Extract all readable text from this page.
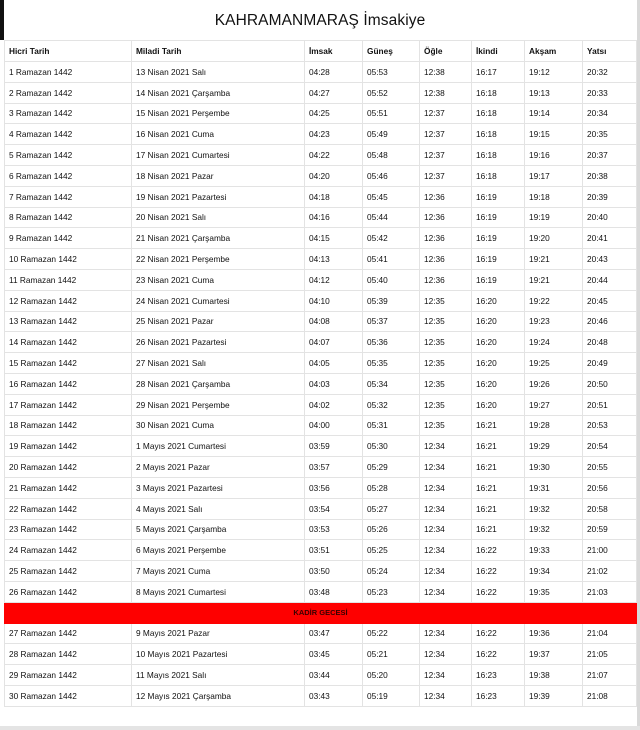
KAHRAMANMARAŞ İmsakiye
Hicri Tarih	Miladi Tarih	İmsak	Güneş	Öğle	İkindi	Akşam	Yatsı
1 Ramazan 1442	13 Nisan 2021 Salı	04:28	05:53	12:38	16:17	19:12	20:32
2 Ramazan 1442	14 Nisan 2021 Çarşamba	04:27	05:52	12:38	16:18	19:13	20:33
3 Ramazan 1442	15 Nisan 2021 Perşembe	04:25	05:51	12:37	16:18	19:14	20:34
4 Ramazan 1442	16 Nisan 2021 Cuma	04:23	05:49	12:37	16:18	19:15	20:35
5 Ramazan 1442	17 Nisan 2021 Cumartesi	04:22	05:48	12:37	16:18	19:16	20:37
6 Ramazan 1442	18 Nisan 2021 Pazar	04:20	05:46	12:37	16:18	19:17	20:38
7 Ramazan 1442	19 Nisan 2021 Pazartesi	04:18	05:45	12:36	16:19	19:18	20:39
8 Ramazan 1442	20 Nisan 2021 Salı	04:16	05:44	12:36	16:19	19:19	20:40
9 Ramazan 1442	21 Nisan 2021 Çarşamba	04:15	05:42	12:36	16:19	19:20	20:41
10 Ramazan 1442	22 Nisan 2021 Perşembe	04:13	05:41	12:36	16:19	19:21	20:43
11 Ramazan 1442	23 Nisan 2021 Cuma	04:12	05:40	12:36	16:19	19:21	20:44
12 Ramazan 1442	24 Nisan 2021 Cumartesi	04:10	05:39	12:35	16:20	19:22	20:45
13 Ramazan 1442	25 Nisan 2021 Pazar	04:08	05:37	12:35	16:20	19:23	20:46
14 Ramazan 1442	26 Nisan 2021 Pazartesi	04:07	05:36	12:35	16:20	19:24	20:48
15 Ramazan 1442	27 Nisan 2021 Salı	04:05	05:35	12:35	16:20	19:25	20:49
16 Ramazan 1442	28 Nisan 2021 Çarşamba	04:03	05:34	12:35	16:20	19:26	20:50
17 Ramazan 1442	29 Nisan 2021 Perşembe	04:02	05:32	12:35	16:20	19:27	20:51
18 Ramazan 1442	30 Nisan 2021 Cuma	04:00	05:31	12:35	16:21	19:28	20:53
19 Ramazan 1442	1 Mayıs 2021 Cumartesi	03:59	05:30	12:34	16:21	19:29	20:54
20 Ramazan 1442	2 Mayıs 2021 Pazar	03:57	05:29	12:34	16:21	19:30	20:55
21 Ramazan 1442	3 Mayıs 2021 Pazartesi	03:56	05:28	12:34	16:21	19:31	20:56
22 Ramazan 1442	4 Mayıs 2021 Salı	03:54	05:27	12:34	16:21	19:32	20:58
23 Ramazan 1442	5 Mayıs 2021 Çarşamba	03:53	05:26	12:34	16:21	19:32	20:59
24 Ramazan 1442	6 Mayıs 2021 Perşembe	03:51	05:25	12:34	16:22	19:33	21:00
25 Ramazan 1442	7 Mayıs 2021 Cuma	03:50	05:24	12:34	16:22	19:34	21:02
26 Ramazan 1442	8 Mayıs 2021 Cumartesi	03:48	05:23	12:34	16:22	19:35	21:03
KADİR GECESİ							
27 Ramazan 1442	9 Mayıs 2021 Pazar	03:47	05:22	12:34	16:22	19:36	21:04
28 Ramazan 1442	10 Mayıs 2021 Pazartesi	03:45	05:21	12:34	16:22	19:37	21:05
29 Ramazan 1442	11 Mayıs 2021 Salı	03:44	05:20	12:34	16:23	19:38	21:07
30 Ramazan 1442	12 Mayıs 2021 Çarşamba	03:43	05:19	12:34	16:23	19:39	21:08
